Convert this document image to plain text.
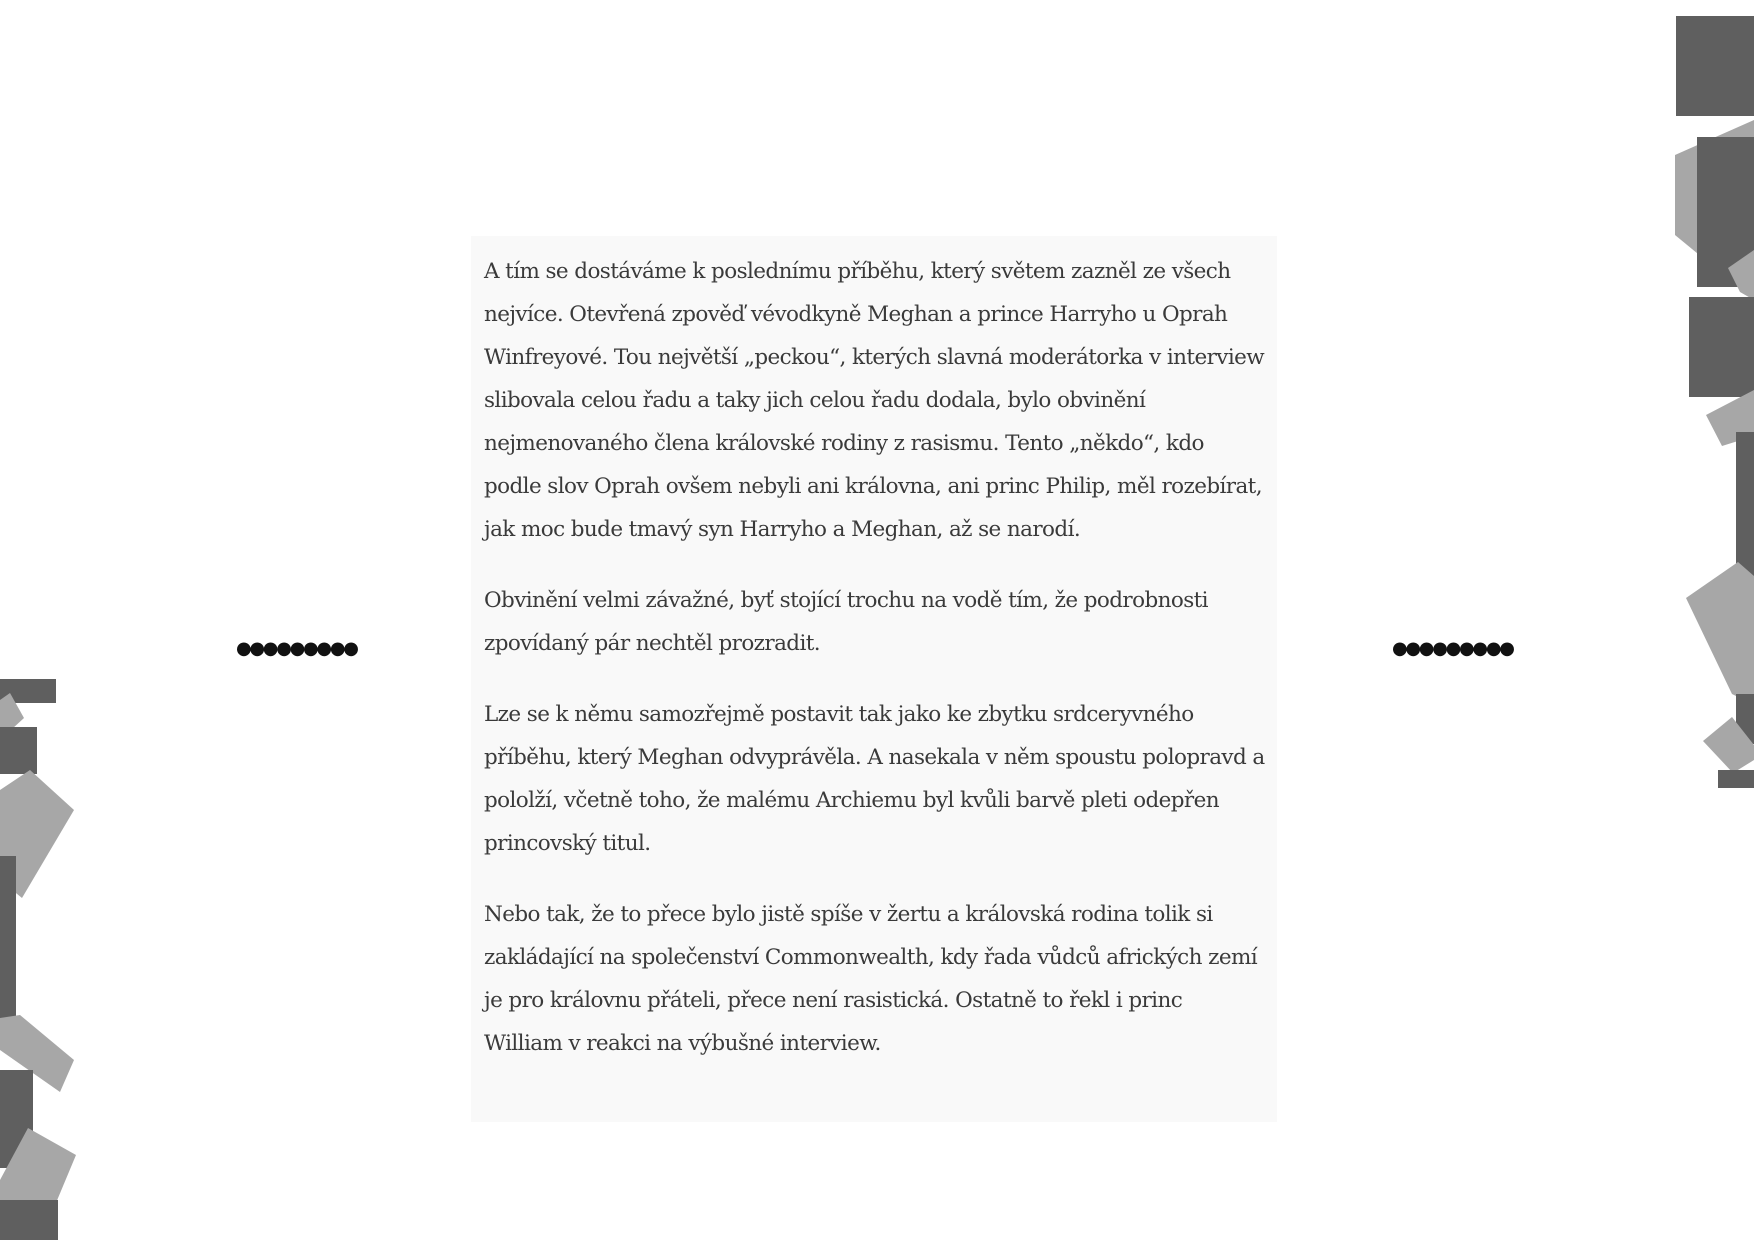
●●●●●●●●●	●●●●●●●●●

A tím se dostáváme k poslednímu příběhu, který světem zazněl ze všech nejvíce. Otevřená zpověď vévodkyně Meghan a prince Harryho u Oprah Winfreyové. Tou největší „peckou“, kterých slavná moderátorka v interview slibovala celou řadu a taky jich celou řadu dodala, bylo obvinění nejmenovaného člena královské rodiny z rasismu. Tento „někdo“, kdo podle slov Oprah ovšem nebyli ani královna, ani princ Philip, měl rozebírat, jak moc bude tmavý syn Harryho a Meghan, až se narodí.

Obvinění velmi závažné, byť stojící trochu na vodě tím, že podrobnosti zpovídaný pár nechtěl prozradit.

Lze se k němu samozřejmě postavit tak jako ke zbytku srdceryvného příběhu, který Meghan odvyprávěla. A nasekala v něm spoustu polopravd a pololží, včetně toho, že malému Archiemu byl kvůli barvě pleti odepřen princovský titul.

Nebo tak, že to přece bylo jistě spíše v žertu a královská rodina tolik si zakládající na společenství Commonwealth, kdy řada vůdců afrických zemí je pro královnu přáteli, přece není rasistická. Ostatně to řekl i princ William v reakci na výbušné interview.
